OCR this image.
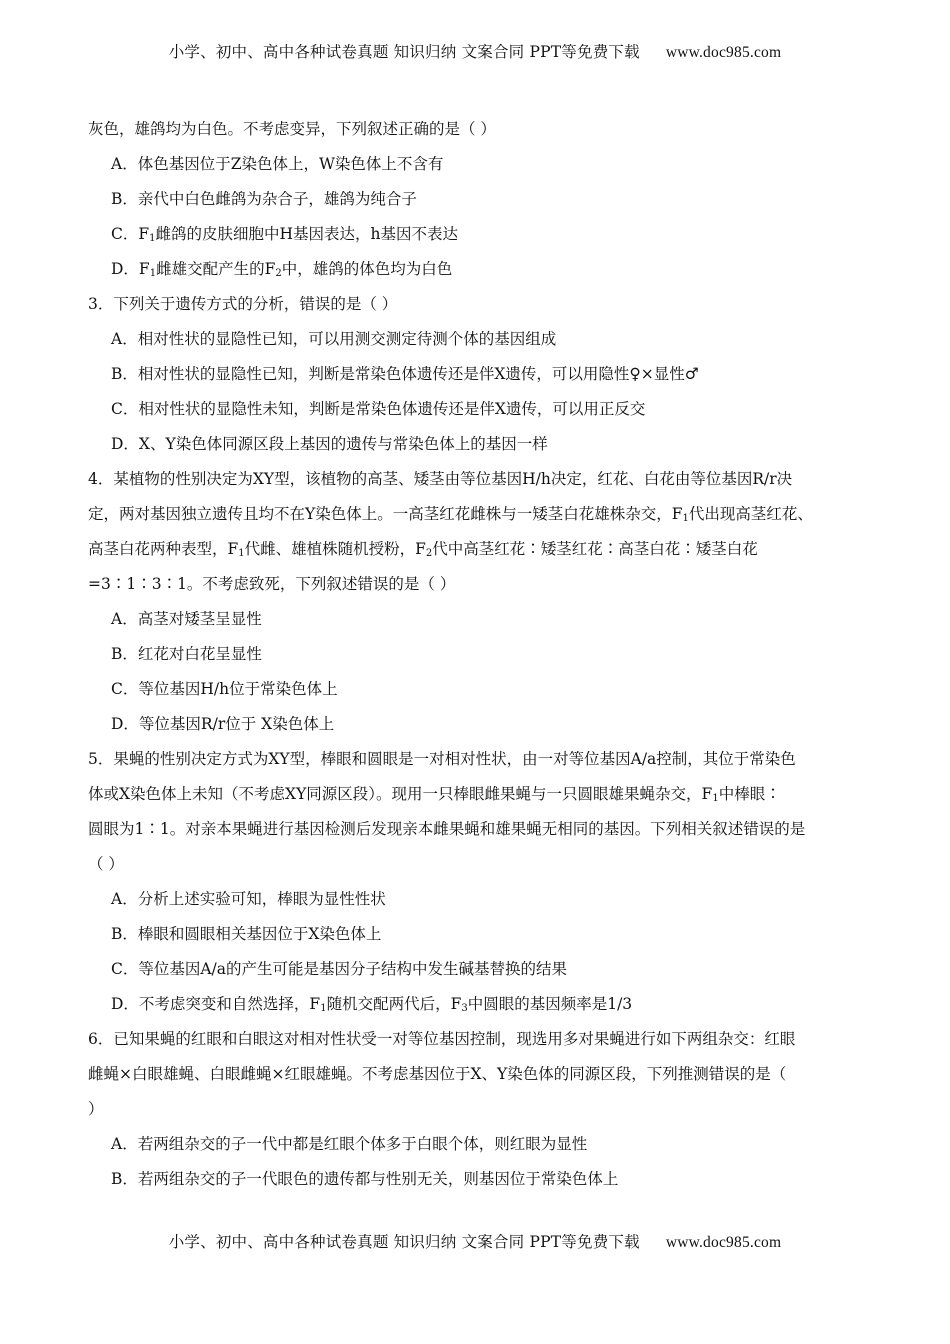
小学、初中、高中各种试卷真题 知识归纳 文案合同 PPT等免费下载 www.doc985.com
灰色，雄鸽均为白色。不考虑变异，下列叙述正确的是（ ）
A．体色基因位于Z染色体上，W染色体上不含有
B．亲代中白色雌鸽为杂合子，雄鸽为纯合子
C．$F_1$雌鸽的皮肤细胞中H基因表达，h基因不表达
D．$F_1$雌雄交配产生的$F_2$中，雄鸽的体色均为白色
3．下列关于遗传方式的分析，错误的是（ ）
A．相对性状的显隐性已知，可以用测交测定待测个体的基因组成
B．相对性状的显隐性已知，判断是常染色体遗传还是伴X遗传，可以用隐性♀×显性♂
C．相对性状的显隐性未知，判断是常染色体遗传还是伴X遗传，可以用正反交
D．X、Y染色体同源区段上基因的遗传与常染色体上的基因一样
4．某植物的性别决定为XY型，该植物的高茎、矮茎由等位基因H/h决定，红花、白花由等位基因R/r决
定，两对基因独立遗传且均不在Y染色体上。一高茎红花雌株与一矮茎白花雄株杂交，$F_1$代出现高茎红花、
高茎白花两种表型，$F_1$代雌、雄植株随机授粉，$F_2$代中高茎红花∶矮茎红花∶高茎白花∶矮茎白花
=3∶1∶3∶1。不考虑致死，下列叙述错误的是（ ）
A．高茎对矮茎呈显性
B．红花对白花呈显性
C．等位基因H/h位于常染色体上
D．等位基因R/r位于 X染色体上
5．果蝇的性别决定方式为XY型，棒眼和圆眼是一对相对性状，由一对等位基因A/a控制，其位于常染色
体或X染色体上未知（不考虑XY同源区段）。现用一只棒眼雌果蝇与一只圆眼雄果蝇杂交，$F_1$中棒眼∶
圆眼为1∶1。对亲本果蝇进行基因检测后发现亲本雌果蝇和雄果蝇无相同的基因。下列相关叙述错误的是
（ ）
A．分析上述实验可知，棒眼为显性性状
B．棒眼和圆眼相关基因位于X染色体上
C．等位基因A/a的产生可能是基因分子结构中发生碱基替换的结果
D．不考虑突变和自然选择，$F_1$随机交配两代后，$F_3$中圆眼的基因频率是1/3
6．已知果蝇的红眼和白眼这对相对性状受一对等位基因控制，现选用多对果蝇进行如下两组杂交：红眼
雌蝇×白眼雄蝇、白眼雌蝇×红眼雄蝇。不考虑基因位于X、Y染色体的同源区段，下列推测错误的是（
）
A．若两组杂交的子一代中都是红眼个体多于白眼个体，则红眼为显性
B．若两组杂交的子一代眼色的遗传都与性别无关，则基因位于常染色体上
小学、初中、高中各种试卷真题 知识归纳 文案合同 PPT等免费下载 www.doc985.com
